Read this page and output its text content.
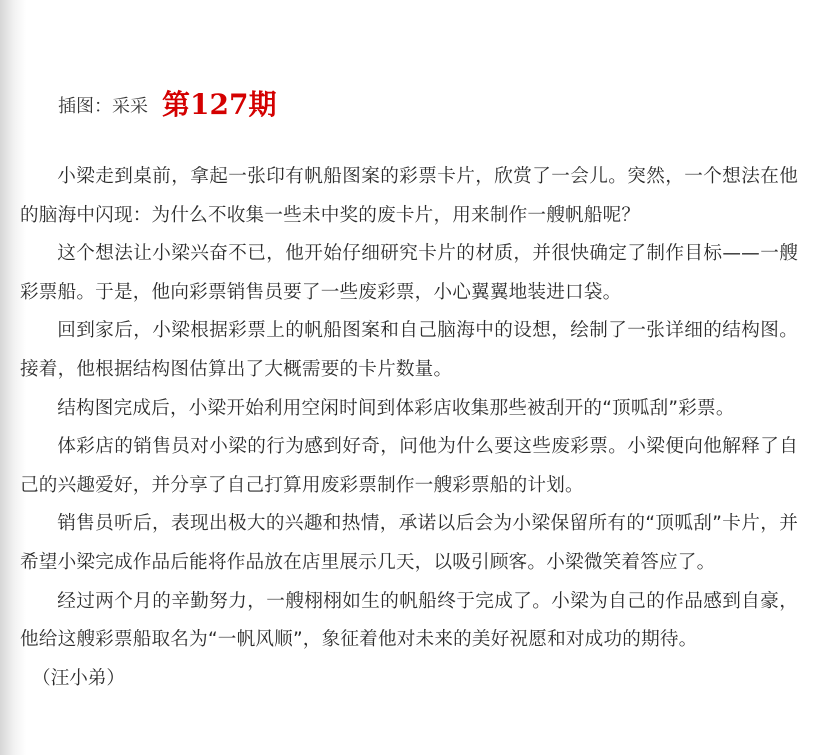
插图：采采 第127期

小梁走到桌前，拿起一张印有帆船图案的彩票卡片，欣赏了一会儿。突然，一个想法在他的脑海中闪现：为什么不收集一些未中奖的废卡片，用来制作一艘帆船呢？

这个想法让小梁兴奋不已，他开始仔细研究卡片的材质，并很快确定了制作目标——一艘彩票船。于是，他向彩票销售员要了一些废彩票，小心翼翼地装进口袋。

回到家后，小梁根据彩票上的帆船图案和自己脑海中的设想，绘制了一张详细的结构图。接着，他根据结构图估算出了大概需要的卡片数量。

结构图完成后，小梁开始利用空闲时间到体彩店收集那些被刮开的“顶呱刮”彩票。

体彩店的销售员对小梁的行为感到好奇，问他为什么要这些废彩票。小梁便向他解释了自己的兴趣爱好，并分享了自己打算用废彩票制作一艘彩票船的计划。

销售员听后，表现出极大的兴趣和热情，承诺以后会为小梁保留所有的“顶呱刮”卡片，并希望小梁完成作品后能将作品放在店里展示几天，以吸引顾客。小梁微笑着答应了。

经过两个月的辛勤努力，一艘栩栩如生的帆船终于完成了。小梁为自己的作品感到自豪，他给这艘彩票船取名为“一帆风顺”，象征着他对未来的美好祝愿和对成功的期待。

（汪小弟）
